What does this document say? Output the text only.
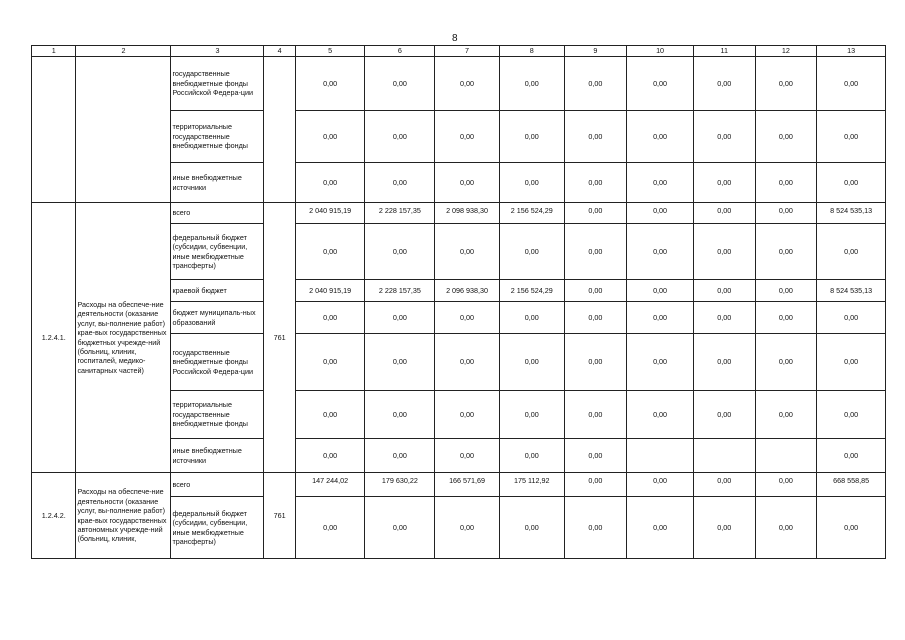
8
1	2	3	4	5	6	7	8	9	10	11	12	13
		государственные внебюджетные фонды Российской Федера-ции		0,00	0,00	0,00	0,00	0,00	0,00	0,00	0,00	0,00
		территориальные государственные внебюджетные фонды		0,00	0,00	0,00	0,00	0,00	0,00	0,00	0,00	0,00
		иные внебюджетные источники		0,00	0,00	0,00	0,00	0,00	0,00	0,00	0,00	0,00
1.2.4.1.	Расходы на обеспече-ние деятельности (оказание услуг, вы-полнение работ) крае-вых государственных бюджетных учрежде-ний (больниц, клиник, госпиталей, медико-санитарных частей)	всего	761	2 040 915,19	2 228 157,35	2 098 938,30	2 156 524,29	0,00	0,00	0,00	0,00	8 524 535,13
		федеральный бюджет (субсидии, субвенции, иные межбюджетные трансферты)		0,00	0,00	0,00	0,00	0,00	0,00	0,00	0,00	0,00
		краевой бюджет		2 040 915,19	2 228 157,35	2 096 938,30	2 156 524,29	0,00	0,00	0,00	0,00	8 524 535,13
		бюджет муниципаль-ных образований		0,00	0,00	0,00	0,00	0,00	0,00	0,00	0,00	0,00
		государственные внебюджетные фонды Российской Федера-ции		0,00	0,00	0,00	0,00	0,00	0,00	0,00	0,00	0,00
		территориальные государственные внебюджетные фонды		0,00	0,00	0,00	0,00	0,00	0,00	0,00	0,00	0,00
		иные внебюджетные источники		0,00	0,00	0,00	0,00	0,00				0,00
1.2.4.2.	Расходы на обеспече-ние деятельности (оказание услуг, вы-полнение работ) крае-вых государственных автономных учрежде-ний (больниц, клиник,	всего	761	147 244,02	179 630,22	166 571,69	175 112,92	0,00	0,00	0,00	0,00	668 558,85
		федеральный бюджет (субсидии, субвенции, иные межбюджетные трансферты)		0,00	0,00	0,00	0,00	0,00	0,00	0,00	0,00	0,00
